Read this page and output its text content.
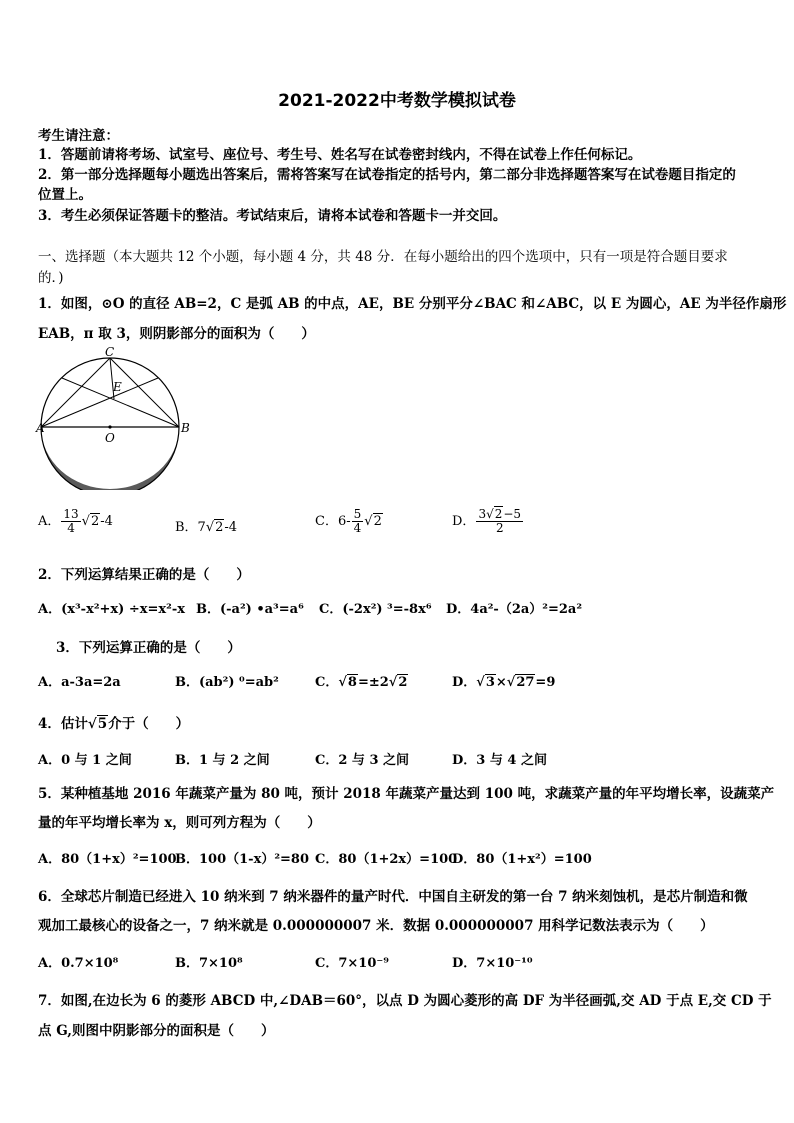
2021-2022中考数学模拟试卷
考生请注意：
1．答题前请将考场、试室号、座位号、考生号、姓名写在试卷密封线内，不得在试卷上作任何标记。
2．第一部分选择题每小题选出答案后，需将答案写在试卷指定的括号内，第二部分非选择题答案写在试卷题目指定的
位置上。
3．考生必须保证答题卡的整洁。考试结束后，请将本试卷和答题卡一并交回。
一、选择题（本大题共 12 个小题，每小题 4 分，共 48 分．在每小题给出的四个选项中，只有一项是符合题目要求
的．)
1．如图，⊙O 的直径 AB=2，C 是弧 AB 的中点，AE，BE 分别平分∠BAC 和∠ABC，以 E 为圆心，AE 为半径作扇形
EAB，π 取 3，则阴影部分的面积为（　　）
C
E
A
O
B
A． $\frac{13}{4} √2-4$	B．7√2-4	C．$6- \frac{5}{4} √2$	D． $\frac{3√2-5}{2}$
2．下列运算结果正确的是（　　）
A．(x³-x²+x) ÷x=x²-x B．(-a²) •a³=a⁶ C．(-2x²) ³=-8x⁶ D．4a²-（2a）²=2a²
3．下列运算正确的是（　　）
A．a-3a=2a	B．(ab²) ⁰=ab²	C．√8=±2√2	D．√3×√27=9
4．估计√5介于（　　）
A．0 与 1 之间	B．1 与 2 之间	C．2 与 3 之间	D．3 与 4 之间
5．某种植基地 2016 年蔬菜产量为 80 吨，预计 2018 年蔬菜产量达到 100 吨，求蔬菜产量的年平均增长率，设蔬菜产
量的年平均增长率为 x，则可列方程为（　　）
A．80（1+x）²=100
B．100（1-x）²=80 C．80（1+2x）=100
D．80（1+x²）=100
6．全球芯片制造已经进入 10 纳米到 7 纳米器件的量产时代．中国自主研发的第一台 7 纳米刻蚀机，是芯片制造和微
观加工最核心的设备之一，7 纳米就是 0.000000007 米．数据 0.000000007 用科学记数法表示为（　　）
A．0.7×10⁸	B．7×10⁸	C．7×10⁻⁹	D．7×10⁻¹⁰
7．如图,在边长为 6 的菱形 ABCD 中,∠DAB＝60°，以点 D 为圆心菱形的高 DF 为半径画弧,交 AD 于点 E,交 CD 于
点 G,则图中阴影部分的面积是（　　）
